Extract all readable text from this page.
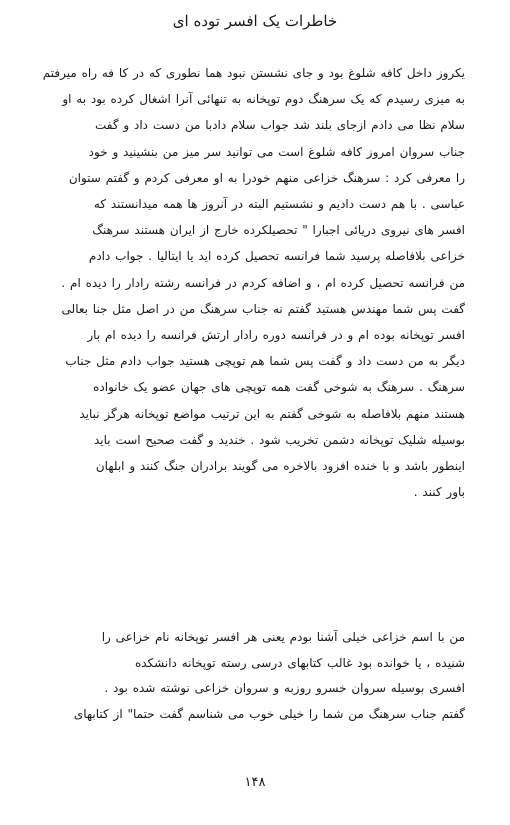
خاطرات یک افسر توده ای
یکروز داخل کافه شلوغ بود و جای نشستن نبود هما نطوری که در کا فه راه میرفتم
به میزی رسیدم که یک سرهنگ دوم توپخانه به تنهائی آنرا اشغال کرده بود به او
سلام نظا می دادم ازجای بلند شد جواب سلام دادبا من دست داد و گفت
جناب سروان امروز کافه شلوغ است می توانید سر میز من بنشینید و خود
را معرفی کرد : سرهنگ خزاعی منهم خودرا به او معرفی کردم و گفتم ستوان
عباسی . با هم دست دادیم و نشستیم البته در آنروز ها همه میدانستند که
افسر های نیروی دریائی اجبارا " تحصیلکرده خارج از ایران هستند سرهنگ
خزاعی بلافاصله پرسید شما فرانسه تحصیل کرده اید یا ایتالیا . جواب دادم
من فرانسه تحصیل کرده ام ، و اضافه کردم در فرانسه رشته رادار را دیده ام .
گفت پس شما مهندس هستید گفتم نه جناب سرهنگ من در اصل مثل جنا بعالی
افسر توپخانه بوده ام و در فرانسه دوره رادار ارتش فرانسه را دیده ام بار
دیگر به من دست داد و گفت پس شما هم توپچی هستید جواب دادم مثل جناب
سرهنگ . سرهنگ به شوخی گفت همه توپچی های جهان عضو یک خانواده
هستند منهم بلافاصله به شوخی گفتم به این ترتیب مواضع توپخانه هرگز نباید
بوسیله شلیک توپخانه دشمن تخریب شود . خندید و گفت صحیح است باید
اینطور باشد و با خنده افزود بالاخره می گویند برادران جنگ کنند و ابلهان
باور کنند .
من با اسم خزاعی خیلی آشنا بودم یعنی هر افسر توپخانه نام خزاعی را
شنیده ، یا خوانده بود غالب کتابهای درسی رسته توپخانه دانشکده
افسری بوسیله سروان خسرو روزبه و سروان خزاعی نوشته شده بود .
گفتم جناب سرهنگ من شما را خیلی خوب می شناسم گفت حتما" از کتابهای
۱۴۸
